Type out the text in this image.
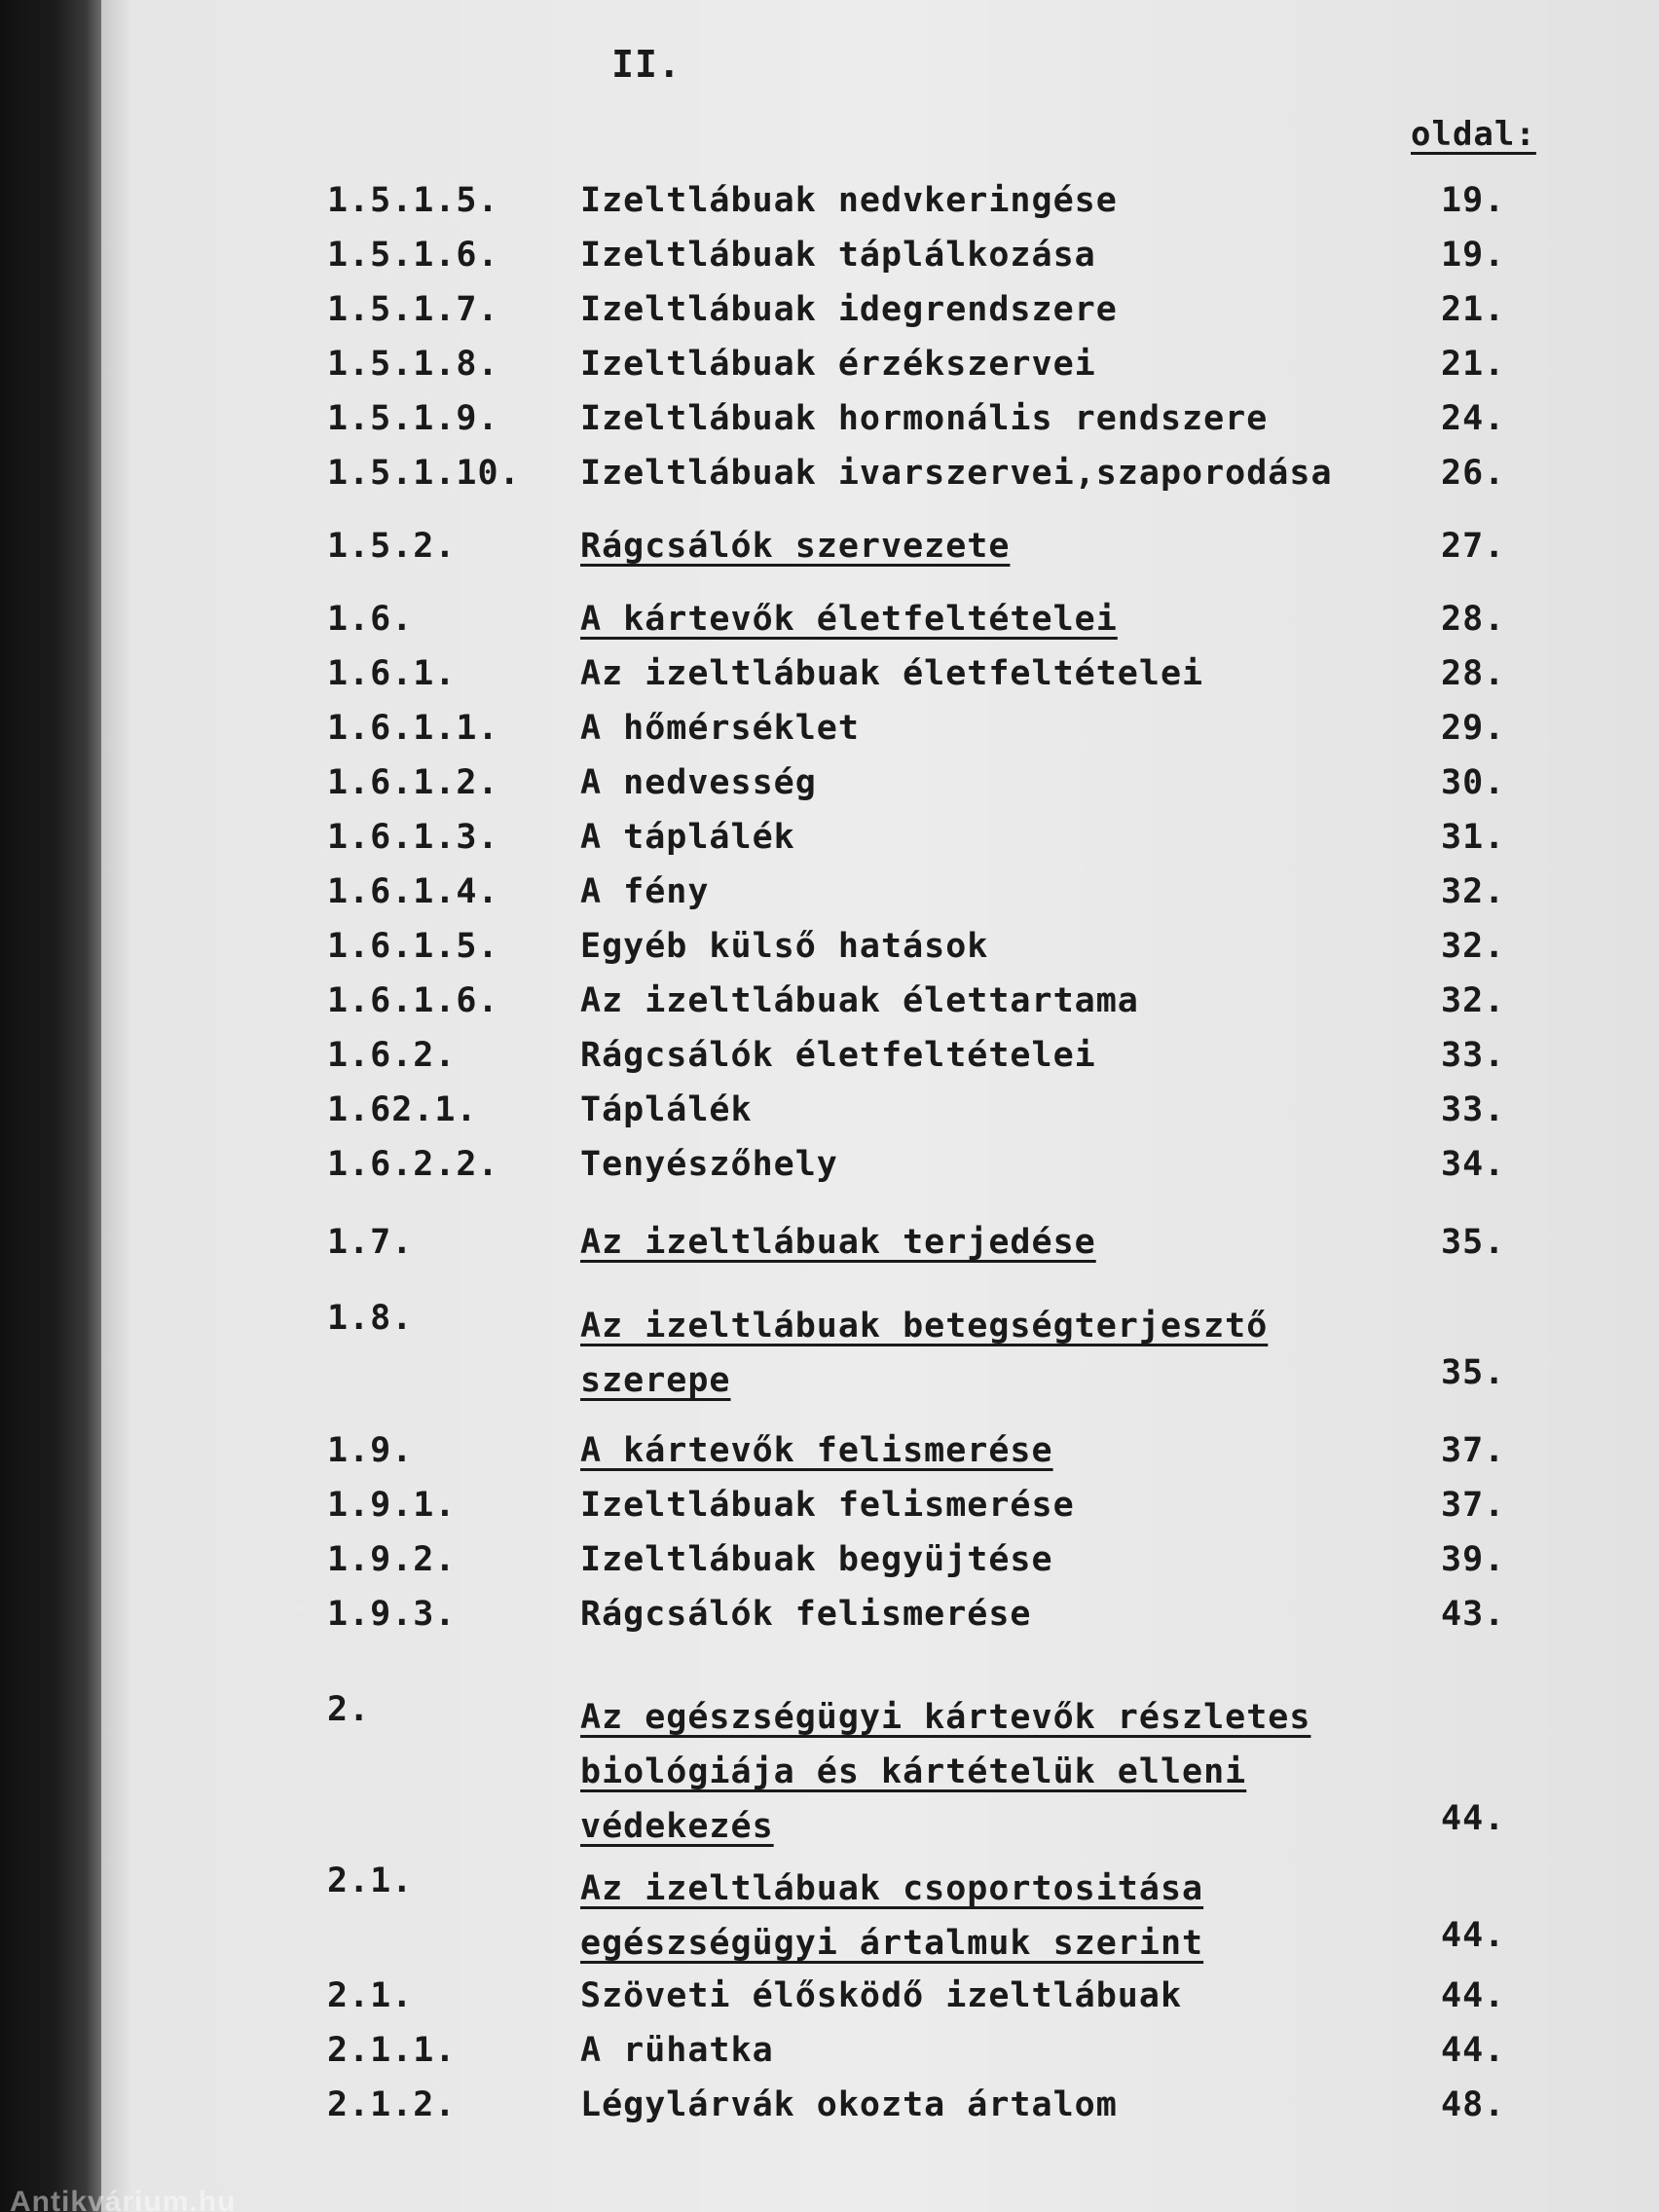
II.
oldal:
1.5.1.5. Izeltlábuak nedvkeringése	19.
1.5.1.6. Izeltlábuak táplálkozása	19.
1.5.1.7. Izeltlábuak idegrendszere	21.
1.5.1.8. Izeltlábuak érzékszervei	21.
1.5.1.9. Izeltlábuak hormonális rendszere	24.
1.5.1.10. Izeltlábuak ivarszervei,szaporodása	26.
1.5.2.	Rágcsálók szervezete	27.
1.6.	A kártevők életfeltételei	28.
1.6.1.	Az izeltlábuak életfeltételei	28.
1.6.1.1. A hőmérséklet	29.
1.6.1.2. A nedvesség	30.
1.6.1.3. A táplálék	31.
1.6.1.4. A fény	32.
1.6.1.5. Egyéb külső hatások	32.
1.6.1.6. Az izeltlábuak élettartama	32.
1.6.2.	Rágcsálók életfeltételei	33.
1.62.1.	Táplálék	33.
1.6.2.2. Tenyészőhely	34.
1.7.	Az izeltlábuak terjedése	35.
1.8.	Az izeltlábuak betegségterjesztő szerepe	35.
1.9.	A kártevők felismerése	37.
1.9.1.	Izeltlábuak felismerése	37.
1.9.2.	Izeltlábuak begyüjtése	39.
1.9.3.	Rágcsálók felismerése	43.
2.	Az egészségügyi kártevők részletes biológiája és kártételük elleni védekezés	44.
2.1.	Az izeltlábuak csoportositása egészségügyi ártalmuk szerint	44.
2.1.	Szöveti élősködő izeltlábuak	44.
2.1.1.	A rühatka	44.
2.1.2.	Légylárvák okozta ártalom	48.
Antikvárium.hu
